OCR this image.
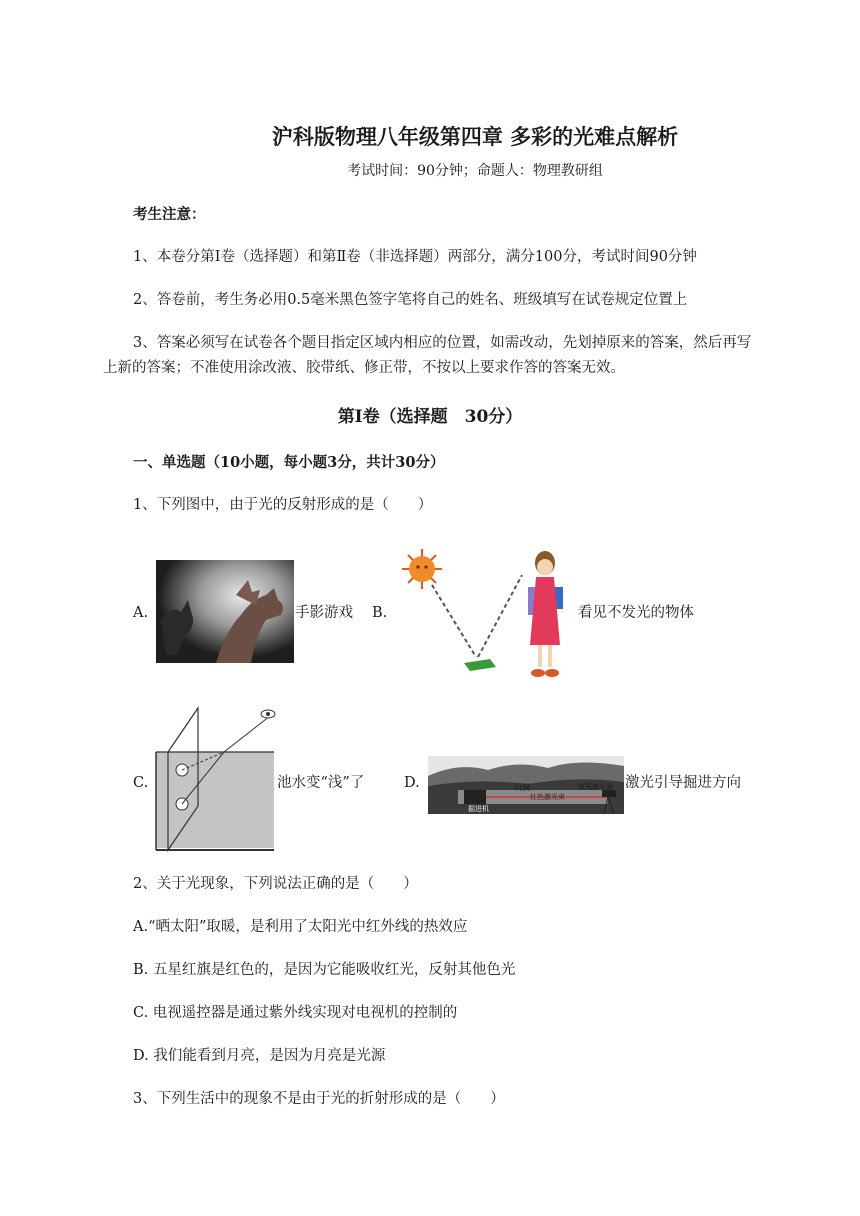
沪科版物理八年级第四章 多彩的光难点解析
考试时间：90分钟；命题人：物理教研组
考生注意：
1、本卷分第Ⅰ卷（选择题）和第Ⅱ卷（非选择题）两部分，满分100分，考试时间90分钟
2、答卷前，考生务必用0.5毫米黑色签字笔将自己的姓名、班级填写在试卷规定位置上
3、答案必须写在试卷各个题目指定区域内相应的位置，如需改动，先划掉原来的答案，然后再写
上新的答案；不准使用涂改液、胶带纸、修正带，不按以上要求作答的答案无效。
第Ⅰ卷（选择题　30分）
一、单选题（10小题，每小题3分，共计30分）
1、下列图中，由于光的反射形成的是（　　）
A.	手影游戏 B.	看见不发光的物体
C.	池水变“浅”了	D.	山洞
红色激光束
氦氖激光器
掘进机
激光引导掘进方向
2、关于光现象，下列说法正确的是（　　）
A.“晒太阳”取暖，是利用了太阳光中红外线的热效应
B. 五星红旗是红色的，是因为它能吸收红光，反射其他色光
C. 电视遥控器是通过紫外线实现对电视机的控制的
D. 我们能看到月亮，是因为月亮是光源
3、下列生活中的现象不是由于光的折射形成的是（　　）
